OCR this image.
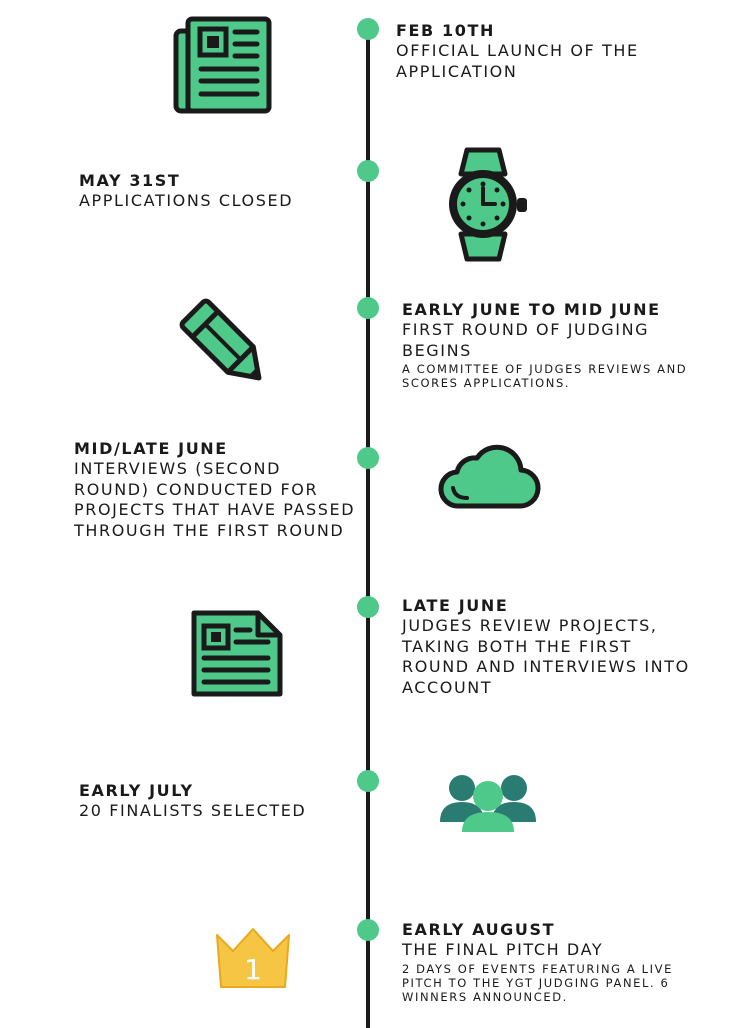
FEB 10TH
OFFICIAL LAUNCH OF THE APPLICATION
MAY 31ST
APPLICATIONS CLOSED
EARLY JUNE TO MID JUNE
FIRST ROUND OF JUDGING BEGINS
A COMMITTEE OF JUDGES REVIEWS AND SCORES APPLICATIONS.
MID/LATE JUNE
INTERVIEWS (SECOND ROUND) CONDUCTED FOR PROJECTS THAT HAVE PASSED THROUGH THE FIRST ROUND
LATE JUNE
JUDGES REVIEW PROJECTS, TAKING BOTH THE FIRST ROUND AND INTERVIEWS INTO ACCOUNT
EARLY JULY
20 FINALISTS SELECTED
EARLY AUGUST
THE FINAL PITCH DAY
2 DAYS OF EVENTS FEATURING A LIVE PITCH TO THE YGT JUDGING PANEL. 6 WINNERS ANNOUNCED.
1
